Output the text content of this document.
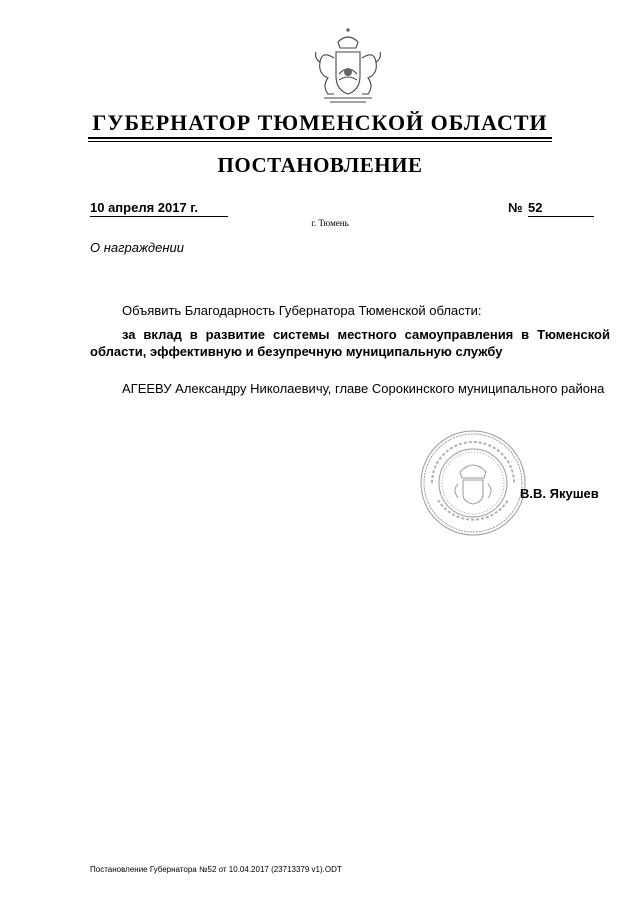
ГУБЕРНАТОР ТЮМЕНСКОЙ ОБЛАСТИ
ПОСТАНОВЛЕНИЕ
10 апреля 2017 г.	№ 52
г. Тюмень
О награждении
Объявить Благодарность Губернатора Тюменской области:
за вклад в развитие системы местного самоуправления в Тюменской области, эффективную и безупречную муниципальную службу
АГЕЕВУ Александру Николаевичу, главе Сорокинского муниципального района
В.В. Якушев
Постановление Губернатора №52 от 10.04.2017 (23713379 v1).ODT
